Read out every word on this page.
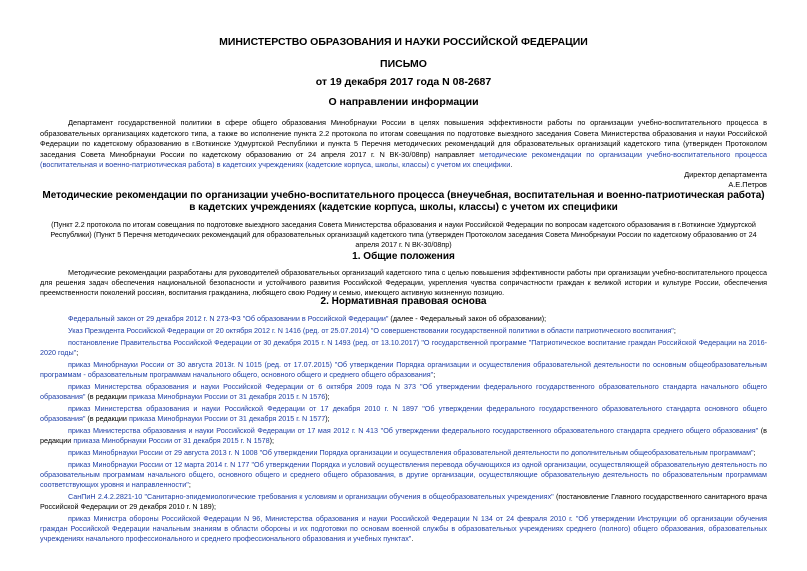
МИНИСТЕРСТВО ОБРАЗОВАНИЯ И НАУКИ РОССИЙСКОЙ ФЕДЕРАЦИИ
ПИСЬМО
от 19 декабря 2017 года N 08-2687
О направлении информации
Департамент государственной политики в сфере общего образования Минобрнауки России в целях повышения эффективности работы по организации учебно-воспитательного процесса в образовательных организациях кадетского типа, а также во исполнение пункта 2.2 протокола по итогам совещания по подготовке выездного заседания Совета Министерства образования и науки Российской Федерации по кадетскому образованию в г.Воткинске Удмуртской Республики и пункта 5 Перечня методических рекомендаций для образовательных организаций кадетского типа (утвержден Протоколом заседания Совета Минобрнауки России по кадетскому образованию от 24 апреля 2017 г. N ВК-30/08пр) направляет методические рекомендации по организации учебно-воспитательного процесса (воспитательная и военно-патриотическая работа) в кадетских учреждениях (кадетские корпуса, школы, классы) с учетом их специфики.
Директор департамента
А.Е.Петров
Методические рекомендации по организации учебно-воспитательного процесса (внеучебная, воспитательная и военно-патриотическая работа) в кадетских учреждениях (кадетские корпуса, школы, классы) с учетом их специфики
(Пункт 2.2 протокола по итогам совещания по подготовке выездного заседания Совета Министерства образования и науки Российской Федерации по вопросам кадетского образования в г.Воткинске Удмуртской Республики) (Пункт 5 Перечня методических рекомендаций для образовательных организаций кадетского типа (утвержден Протоколом заседания Совета Минобрнауки России по кадетскому образованию от 24 апреля 2017 г. N ВК-30/08пр)
1. Общие положения
Методические рекомендации разработаны для руководителей образовательных организаций кадетского типа с целью повышения эффективности работы при организации учебно-воспитательного процесса для решения задач обеспечения национальной безопасности и устойчивого развития Российской Федерации, укрепления чувства сопричастности граждан к великой истории и культуре России, обеспечения преемственности поколений россиян, воспитания гражданина, любящего свою Родину и семью, имеющего активную жизненную позицию.
2. Нормативная правовая основа
Федеральный закон от 29 декабря 2012 г. N 273-ФЗ "Об образовании в Российской Федерации" (далее - Федеральный закон об образовании);
Указ Президента Российской Федерации от 20 октября 2012 г. N 1416 (ред. от 25.07.2014) "О совершенствовании государственной политики в области патриотического воспитания";
постановление Правительства Российской Федерации от 30 декабря 2015 г. N 1493 (ред. от 13.10.2017) "О государственной программе "Патриотическое воспитание граждан Российской Федерации на 2016-2020 годы";
приказ Минобрнауки России от 30 августа 2013г. N 1015 (ред. от 17.07.2015) "Об утверждении Порядка организации и осуществления образовательной деятельности по основным общеобразовательным программам - образовательным программам начального общего, основного общего и среднего общего образования";
приказ Министерства образования и науки Российской Федерации от 6 октября 2009 года N 373 "Об утверждении федерального государственного образовательного стандарта начального общего образования" (в редакции приказа Минобрнауки России от 31 декабря 2015 г. N 1576);
приказ Министерства образования и науки Российской Федерации от 17 декабря 2010 г. N 1897 "Об утверждении федерального государственного образовательного стандарта основного общего образования" (в редакции приказа Минобрнауки России от 31 декабря 2015 г. N 1577);
приказ Министерства образования и науки Российской Федерации от 17 мая 2012 г. N 413 "Об утверждении федерального государственного образовательного стандарта среднего общего образования" (в редакции приказа Минобрнауки России от 31 декабря 2015 г. N 1578);
приказ Минобрнауки России от 29 августа 2013 г. N 1008 "Об утверждении Порядка организации и осуществления образовательной деятельности по дополнительным общеобразовательным программам";
приказ Минобрнауки России от 12 марта 2014 г. N 177 "Об утверждении Порядка и условий осуществления перевода обучающихся из одной организации, осуществляющей образовательную деятельность по образовательным программам начального общего, основного общего и среднего общего образования, в другие организации, осуществляющие образовательную деятельность по образовательным программам соответствующих уровня и направленности";
СанПиН 2.4.2.2821-10 "Санитарно-эпидемиологические требования к условиям и организации обучения в общеобразовательных учреждениях" (постановление Главного государственного санитарного врача Российской Федерации от 29 декабря 2010 г. N 189);
приказ Министра обороны Российской Федерации N 96, Министерства образования и науки Российской Федерации N 134 от 24 февраля 2010 г. "Об утверждении Инструкции об организации обучения граждан Российской Федерации начальным знаниям в области обороны и их подготовки по основам военной службы в образовательных учреждениях среднего (полного) общего образования, образовательных учреждениях начального профессионального и среднего профессионального образования и учебных пунктах".
